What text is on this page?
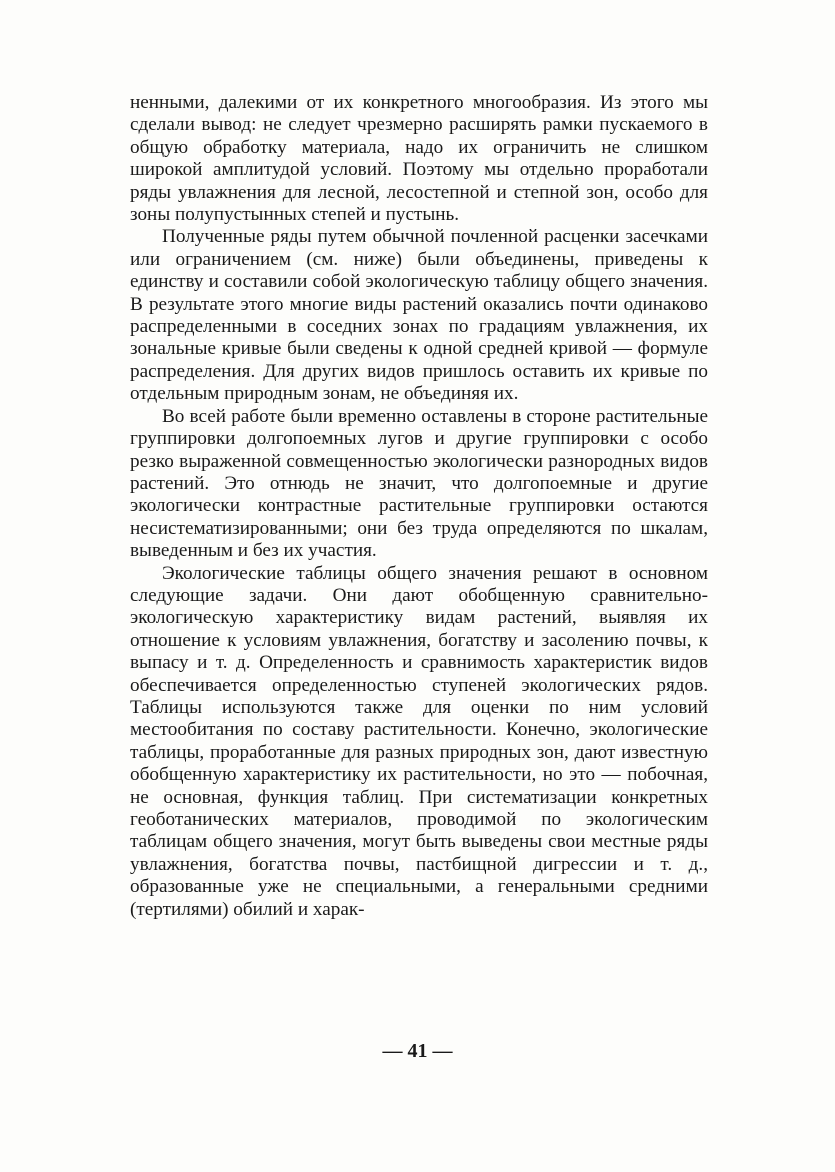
ненными, далекими от их конкретного многообразия. Из этого мы сделали вывод: не следует чрезмерно расширять рамки пускаемого в общую обработку материала, надо их ограничить не слишком широкой амплитудой условий. Поэтому мы отдельно проработали ряды увлажнения для лесной, лесостепной и степной зон, особо для зоны полупустынных степей и пустынь.

Полученные ряды путем обычной почленной расценки засечками или ограничением (см. ниже) были объединены, приведены к единству и составили собой экологическую таблицу общего значения. В результате этого многие виды растений оказались почти одинаково распределенными в соседних зонах по градациям увлажнения, их зональные кривые были сведены к одной средней кривой — формуле распределения. Для других видов пришлось оставить их кривые по отдельным природным зонам, не объединяя их.

Во всей работе были временно оставлены в стороне растительные группировки долгопоемных лугов и другие группировки с особо резко выраженной совмещенностью экологически разнородных видов растений. Это отнюдь не значит, что долгопоемные и другие экологически контрастные растительные группировки остаются несистематизированными; они без труда определяются по шкалам, выведенным и без их участия.

Экологические таблицы общего значения решают в основном следующие задачи. Они дают обобщенную сравнительно-экологическую характеристику видам растений, выявляя их отношение к условиям увлажнения, богатству и засолению почвы, к выпасу и т. д. Определенность и сравнимость характеристик видов обеспечивается определенностью ступеней экологических рядов. Таблицы используются также для оценки по ним условий местообитания по составу растительности. Конечно, экологические таблицы, проработанные для разных природных зон, дают известную обобщенную характеристику их растительности, но это — побочная, не основная, функция таблиц. При систематизации конкретных геоботанических материалов, проводимой по экологическим таблицам общего значения, могут быть выведены свои местные ряды увлажнения, богатства почвы, пастбищной дигрессии и т. д., образованные уже не специальными, а генеральными средними (тертилями) обилий и харак-

— 41 —
